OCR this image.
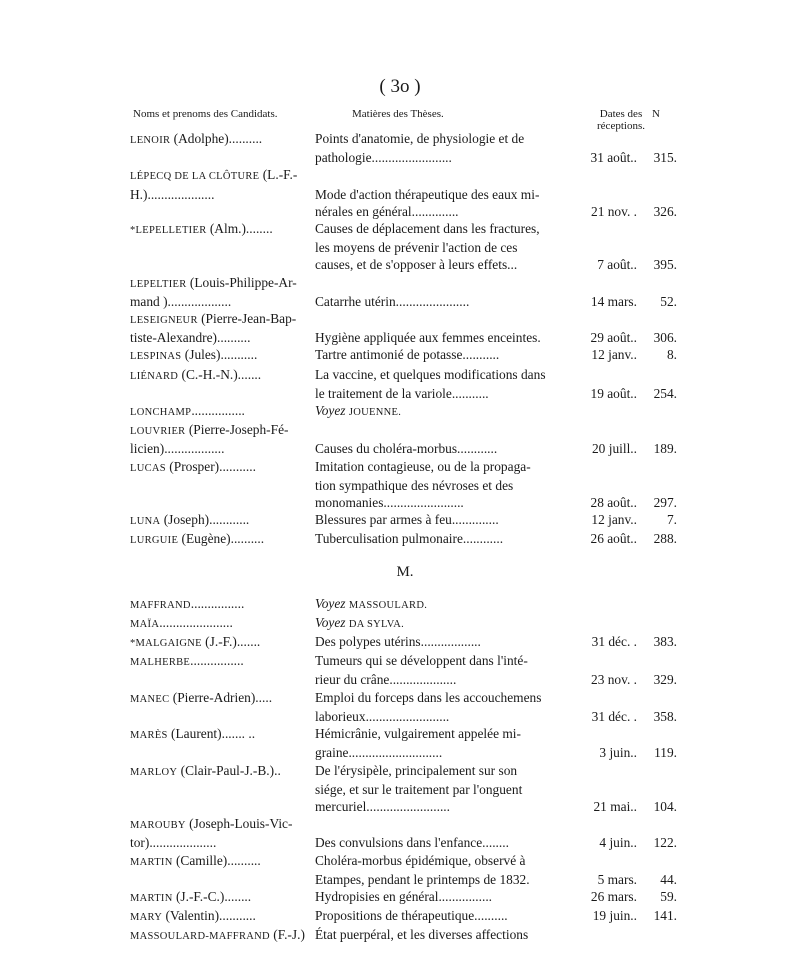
( 3o )
Noms et prenoms des Candidats.	Matières des Thèses.	Dates des réceptions.
N
LENOIR (Adolphe)..........	Points d'anatomie, de physiologie et de
pathologie........................	31 août..	315.
LÉPECQ DE LA CLÔTURE (L.-F.-
H.)....................	Mode d'action thérapeutique des eaux mi-
nérales en général..............	21 nov. .	326.
*LEPELLETIER (Alm.)........	Causes de déplacement dans les fractures,
les moyens de prévenir l'action de ces
causes, et de s'opposer à leurs effets...	7 août..	395.
LEPELTIER (Louis-Philippe-Ar-
mand )...................	Catarrhe utérin......................	14 mars.	52.
LESEIGNEUR (Pierre-Jean-Bap-
tiste-Alexandre)..........	Hygiène appliquée aux femmes enceintes.	29 août..	306.
LESPINAS (Jules)...........	Tartre antimonié de potasse...........	12 janv..	8.
LIÉNARD (C.-H.-N.).......	La vaccine, et quelques modifications dans
le traitement de la variole...........	19 août..	254.
LONCHAMP................	Voyez JOUENNE.
LOUVRIER (Pierre-Joseph-Fé-
licien)..................	Causes du choléra-morbus............	20 juill..	189.
LUCAS (Prosper)...........	Imitation contagieuse, ou de la propaga-
tion sympathique des névroses et des
monomanies........................	28 août..	297.
LUNA (Joseph)............	Blessures par armes à feu..............	12 janv..	7.
LURGUIE (Eugène)..........	Tuberculisation pulmonaire............	26 août..	288.
M.
MAFFRAND................	Voyez MASSOULARD.
MAÏA......................	Voyez DA SYLVA.
*MALGAIGNE (J.-F.).......	Des polypes utérins..................	31 déc. .	383.
MALHERBE................	Tumeurs qui se développent dans l'inté-
rieur du crâne....................	23 nov. .	329.
MANEC (Pierre-Adrien).....	Emploi du forceps dans les accouchemens
laborieux.........................	31 déc. .	358.
MARÈS (Laurent)....... ..	Hémicrânie, vulgairement appelée mi-
graine............................	3 juin..	119.
MARLOY (Clair-Paul-J.-B.)..	De l'érysipèle, principalement sur son
siége, et sur le traitement par l'onguent
mercuriel.........................	21 mai..	104.
MAROUBY (Joseph-Louis-Vic-
tor)....................	Des convulsions dans l'enfance........	4 juin..	122.
MARTIN (Camille)..........	Choléra-morbus épidémique, observé à
Etampes, pendant le printemps de 1832.	5 mars.	44.
MARTIN (J.-F.-C.)........	Hydropisies en général................	26 mars.	59.
MARY (Valentin)...........	Propositions de thérapeutique..........	19 juin..	141.
MASSOULARD-MAFFRAND (F.-J.) État puerpéral, et les diverses affections
